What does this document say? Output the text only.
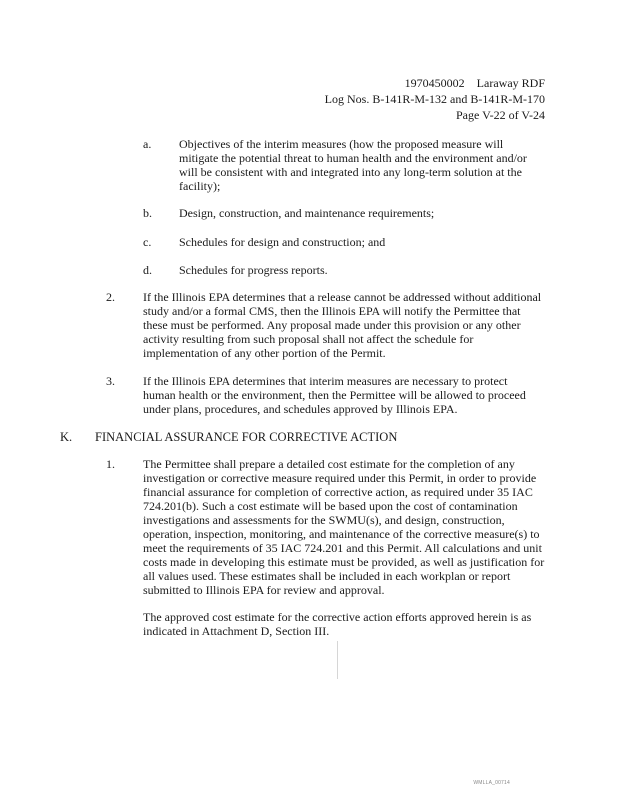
1970450002    Laraway RDF
Log Nos. B-141R-M-132 and B-141R-M-170
Page V-22 of V-24
a. Objectives of the interim measures (how the proposed measure will mitigate the potential threat to human health and the environment and/or will be consistent with and integrated into any long-term solution at the facility);
b. Design, construction, and maintenance requirements;
c. Schedules for design and construction; and
d. Schedules for progress reports.
2. If the Illinois EPA determines that a release cannot be addressed without additional study and/or a formal CMS, then the Illinois EPA will notify the Permittee that these must be performed. Any proposal made under this provision or any other activity resulting from such proposal shall not affect the schedule for implementation of any other portion of the Permit.
3. If the Illinois EPA determines that interim measures are necessary to protect human health or the environment, then the Permittee will be allowed to proceed under plans, procedures, and schedules approved by Illinois EPA.
K. FINANCIAL ASSURANCE FOR CORRECTIVE ACTION
1. The Permittee shall prepare a detailed cost estimate for the completion of any investigation or corrective measure required under this Permit, in order to provide financial assurance for completion of corrective action, as required under 35 IAC 724.201(b). Such a cost estimate will be based upon the cost of contamination investigations and assessments for the SWMU(s), and design, construction, operation, inspection, monitoring, and maintenance of the corrective measure(s) to meet the requirements of 35 IAC 724.201 and this Permit. All calculations and unit costs made in developing this estimate must be provided, as well as justification for all values used. These estimates shall be included in each workplan or report submitted to Illinois EPA for review and approval.
The approved cost estimate for the corrective action efforts approved herein is as indicated in Attachment D, Section III.
WMLLA_00714
